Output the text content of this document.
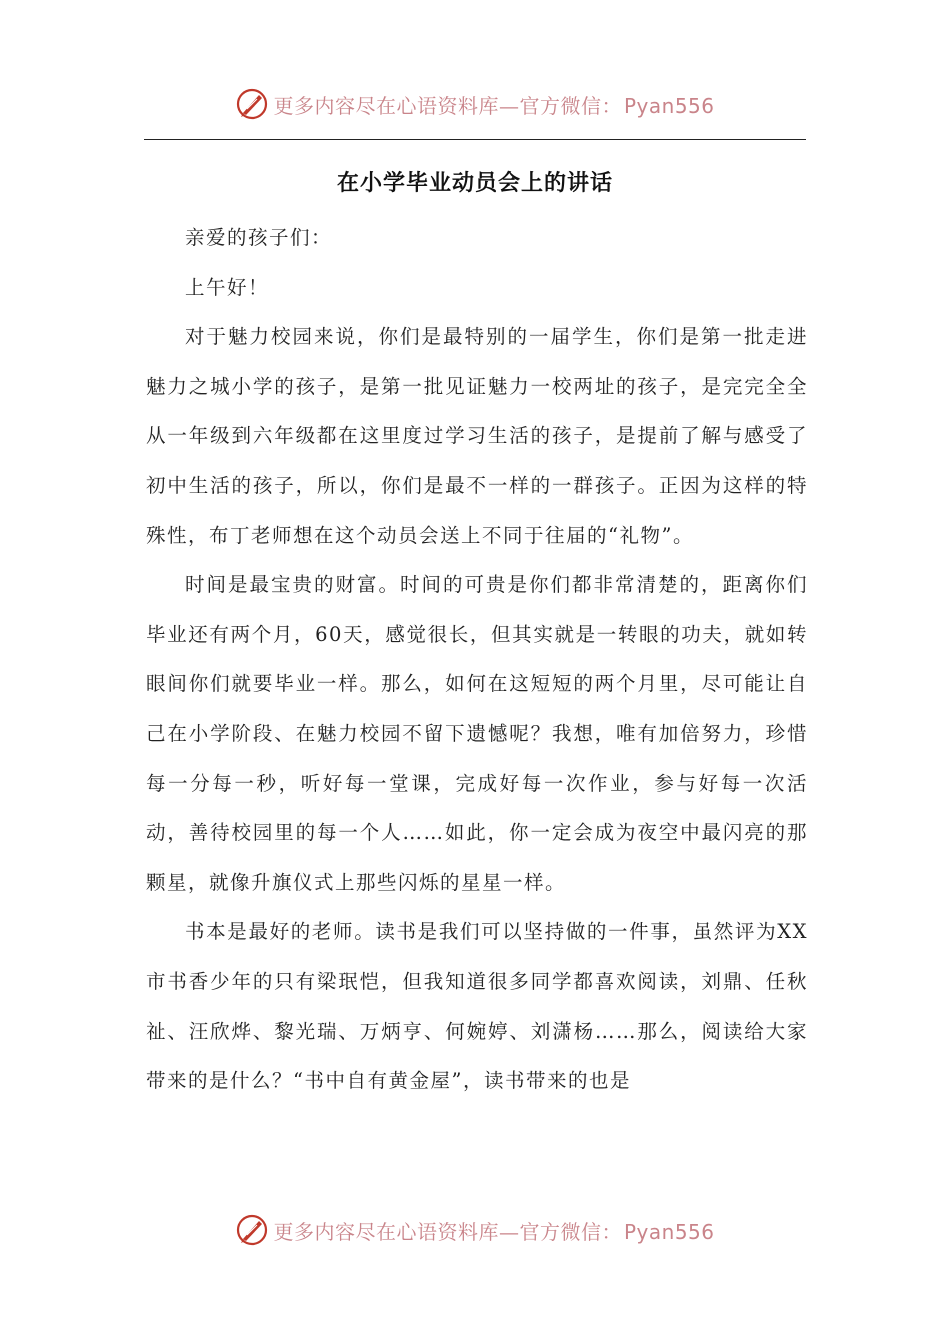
更多内容尽在心语资料库—官方微信： Pyan556
在小学毕业动员会上的讲话

亲爱的孩子们：

上午好！

对于魅力校园来说，你们是最特别的一届学生，你们是第一批走进魅力之城小学的孩子，是第一批见证魅力一校两址的孩子，是完完全全从一年级到六年级都在这里度过学习生活的孩子，是提前了解与感受了初中生活的孩子，所以，你们是最不一样的一群孩子。正因为这样的特殊性，布丁老师想在这个动员会送上不同于往届的“礼物”。

时间是最宝贵的财富。时间的可贵是你们都非常清楚的，距离你们毕业还有两个月，60天，感觉很长，但其实就是一转眼的功夫，就如转眼间你们就要毕业一样。那么，如何在这短短的两个月里，尽可能让自己在小学阶段、在魅力校园不留下遗憾呢？我想，唯有加倍努力，珍惜每一分每一秒，听好每一堂课，完成好每一次作业，参与好每一次活动，善待校园里的每一个人……如此，你一定会成为夜空中最闪亮的那颗星，就像升旗仪式上那些闪烁的星星一样。

书本是最好的老师。读书是我们可以坚持做的一件事，虽然评为XX市书香少年的只有梁珉恺，但我知道很多同学都喜欢阅读，刘鼎、任秋祉、汪欣烨、黎光瑞、万炳亨、何婉婷、刘潇杨……那么，阅读给大家带来的是什么？“书中自有黄金屋”，读书带来的也是

更多内容尽在心语资料库—官方微信： Pyan556
